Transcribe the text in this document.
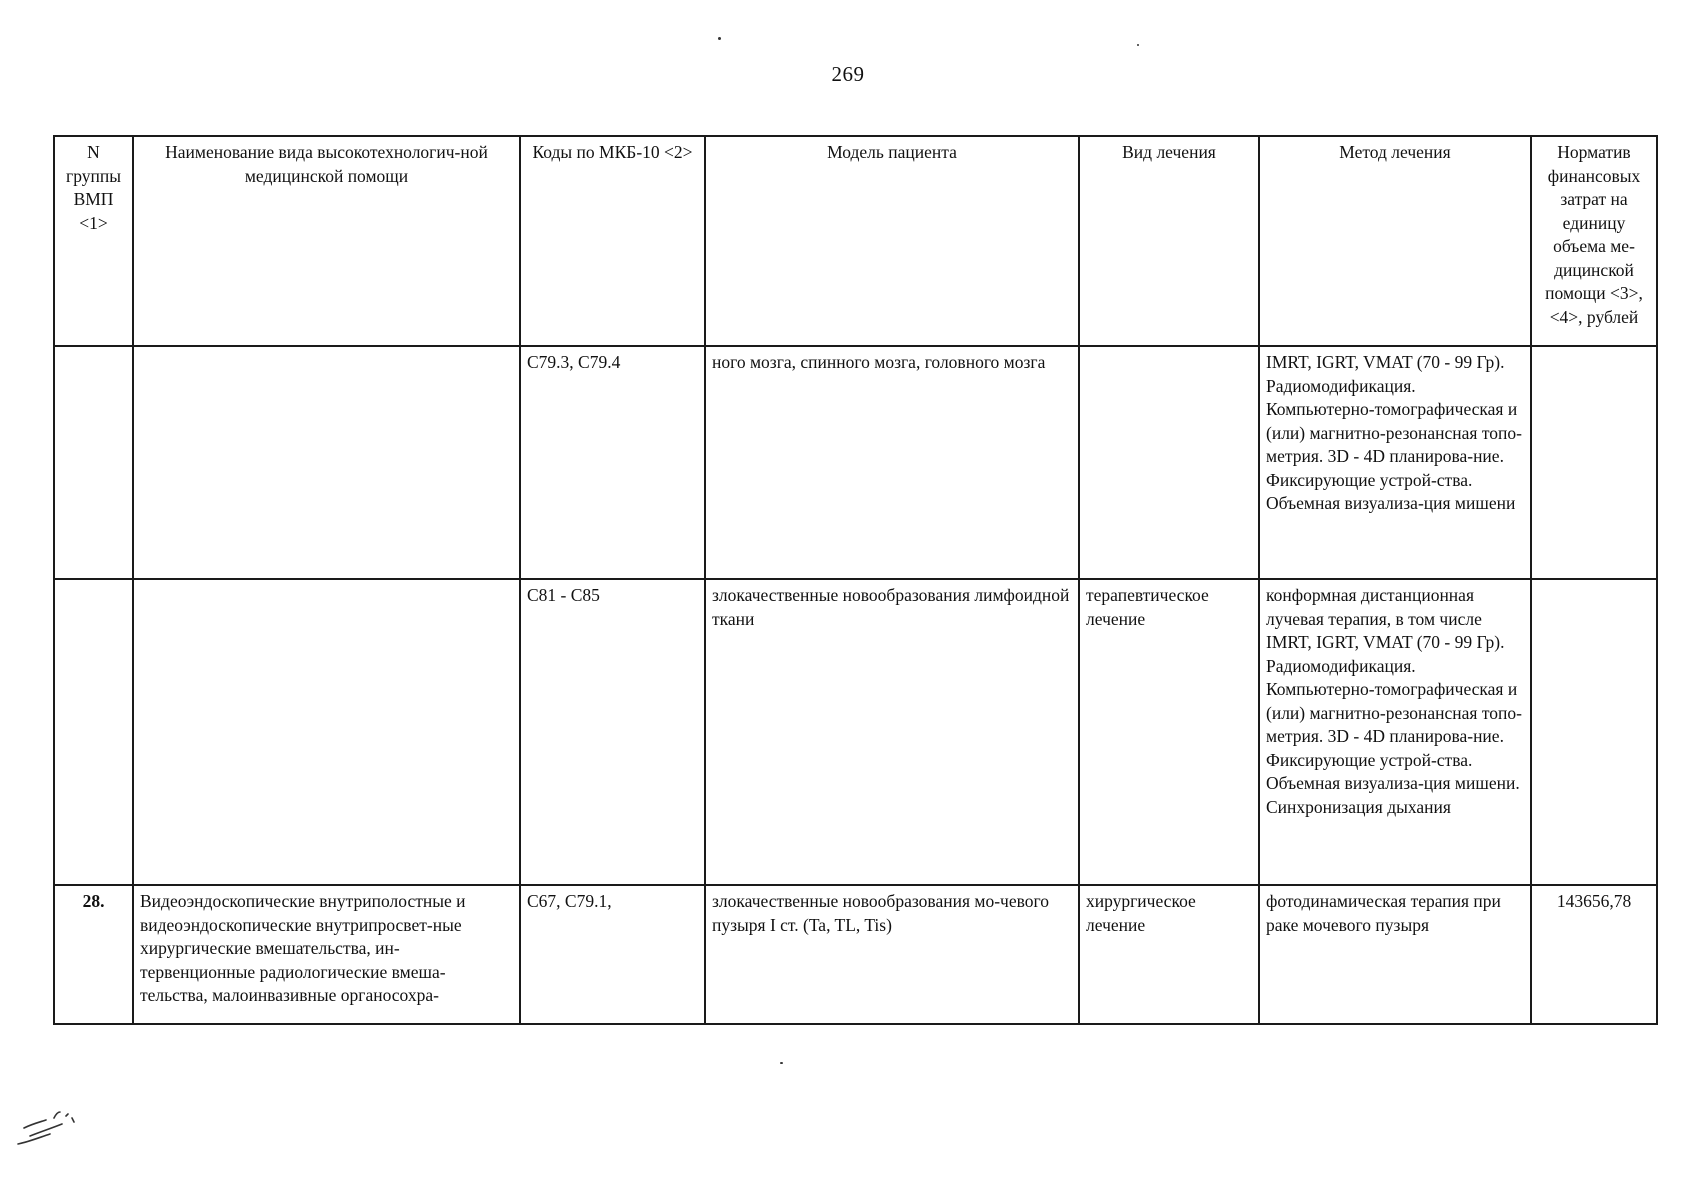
269
N группы ВМП <1>	Наименование вида высокотехнологич-ной медицинской помощи	Коды по МКБ-10 <2>	Модель пациента	Вид лечения	Метод лечения	Норматив финансовых затрат на единицу объема ме-дицинской помощи <3>, <4>, рублей
		C79.3, C79.4	ного мозга, спинного мозга, головного мозга		IMRT, IGRT, VMAT (70 - 99 Гр). Радиомодификация. Компьютерно-томографическая и (или) магнитно-резонансная топо-метрия. 3D - 4D планирова-ние. Фиксирующие устрой-ства. Объемная визуализа-ция мишени	
		C81 - C85	злокачественные новообразования лимфоидной ткани	терапевтическое лечение	конформная дистанционная лучевая терапия, в том числе IMRT, IGRT, VMAT (70 - 99 Гр). Радиомодификация. Компьютерно-томографическая и (или) магнитно-резонансная топо-метрия. 3D - 4D планирова-ние. Фиксирующие устрой-ства. Объемная визуализа-ция мишени. Синхронизация дыхания	
28.	Видеоэндоскопические внутриполостные и видеоэндоскопические внутрипросвет-ные хирургические вмешательства, ин-тервенционные радиологические вмеша-тельства, малоинвазивные органосохра-	C67, C79.1,	злокачественные новообразования мо-чевого пузыря I ст. (Ta, TL, Tis)	хирургическое лечение	фотодинамическая терапия при раке мочевого пузыря	143656,78
